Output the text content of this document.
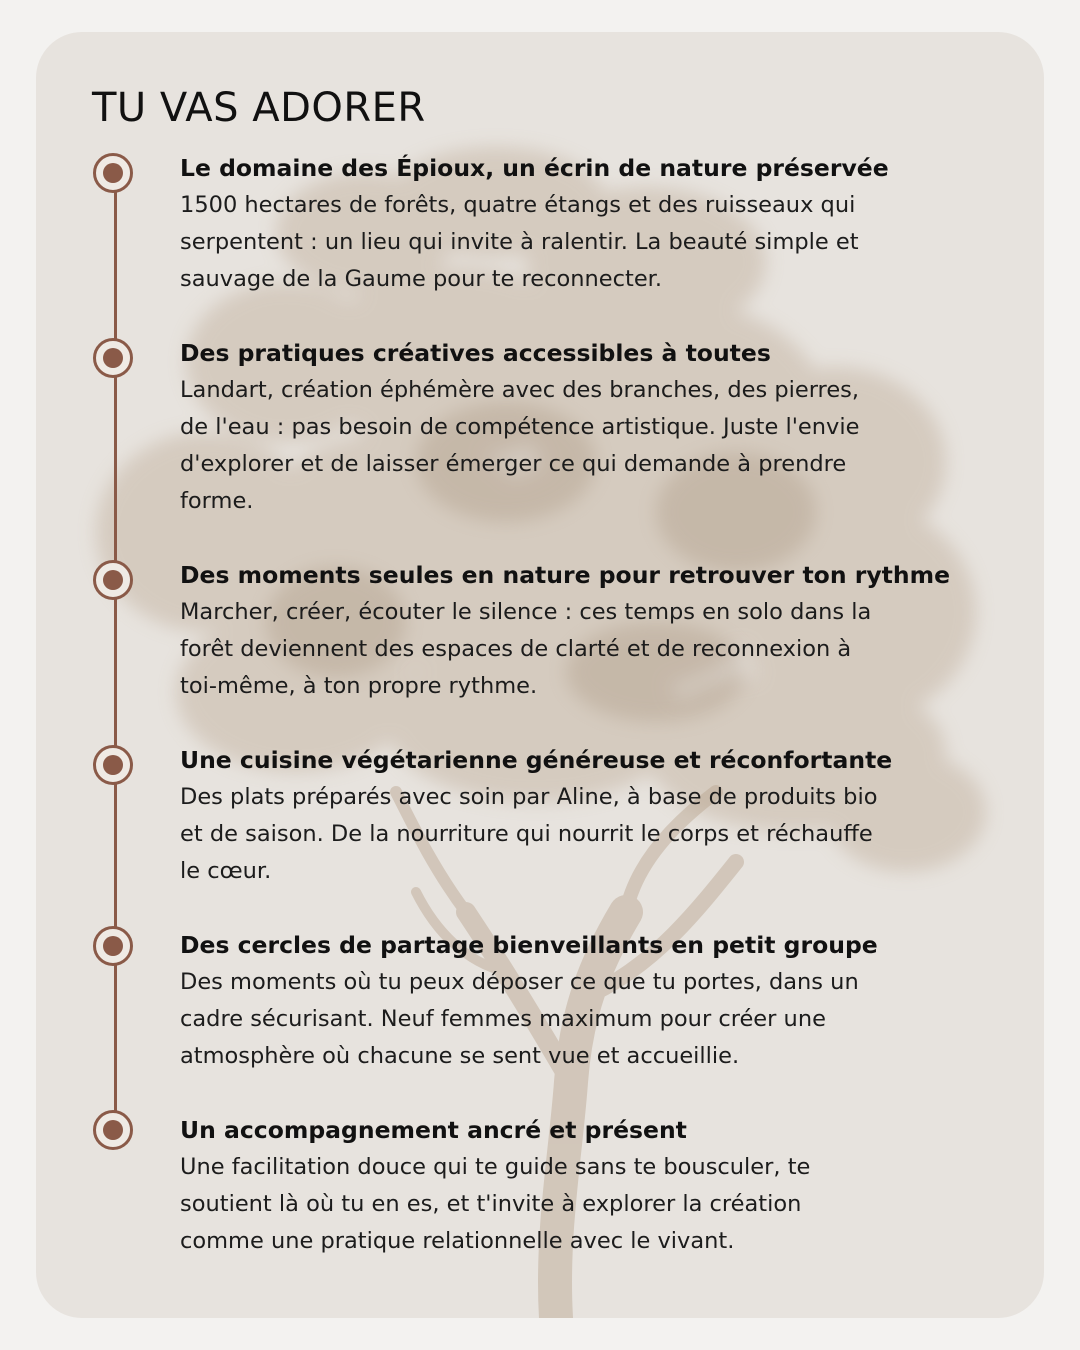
TU VAS ADORER

Le domaine des Épioux, un écrin de nature préservée

1500 hectares de forêts, quatre étangs et des ruisseaux qui

serpentent : un lieu qui invite à ralentir. La beauté simple et

sauvage de la Gaume pour te reconnecter.

Des pratiques créatives accessibles à toutes

Landart, création éphémère avec des branches, des pierres,

de l'eau : pas besoin de compétence artistique. Juste l'envie

d'explorer et de laisser émerger ce qui demande à prendre

forme.

Des moments seules en nature pour retrouver ton rythme

Marcher, créer, écouter le silence : ces temps en solo dans la

forêt deviennent des espaces de clarté et de reconnexion à

toi-même, à ton propre rythme.

Une cuisine végétarienne généreuse et réconfortante

Des plats préparés avec soin par Aline, à base de produits bio

et de saison. De la nourriture qui nourrit le corps et réchauffe

le cœur.

Des cercles de partage bienveillants en petit groupe

Des moments où tu peux déposer ce que tu portes, dans un

cadre sécurisant. Neuf femmes maximum pour créer une

atmosphère où chacune se sent vue et accueillie.

Un accompagnement ancré et présent

Une facilitation douce qui te guide sans te bousculer, te

soutient là où tu en es, et t'invite à explorer la création

comme une pratique relationnelle avec le vivant.
